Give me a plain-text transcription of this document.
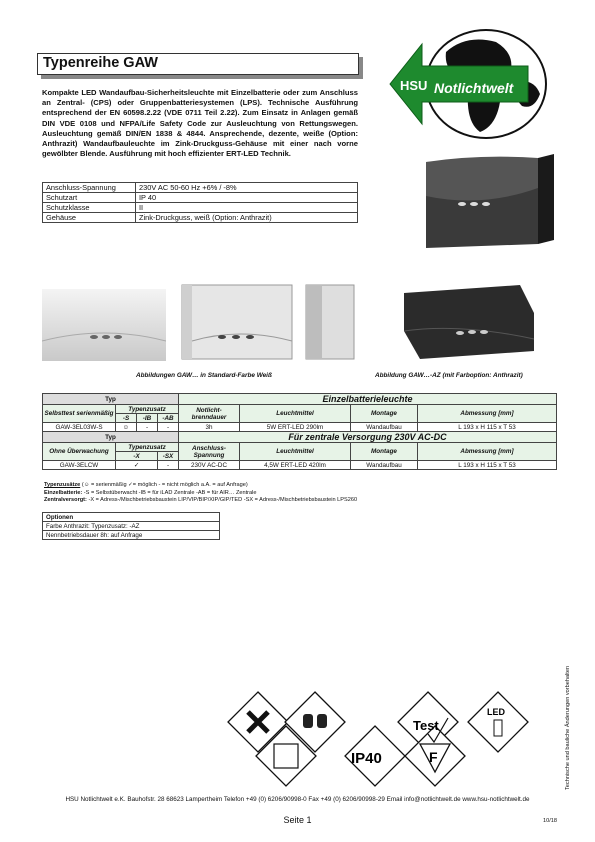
Typenreihe GAW
HSU Notlichtwelt
Kompakte LED Wandaufbau-Sicherheitsleuchte mit Einzelbatterie oder zum Anschluss an Zentral- (CPS) oder Gruppenbatteriesystemen (LPS). Technische Ausführung entsprechend der EN 60598.2.22 (VDE 0711 Teil 2.22). Zum Einsatz in Anlagen gemäß DIN VDE 0108 und NFPA/Life Safety Code zur Ausleuchtung von Rettungswegen. Ausleuchtung gemäß DIN/EN 1838 & 4844. Ansprechende, dezente, weiße (Option: Anthrazit) Wandaufbauleuchte im Zink-Druckguss-Gehäuse mit einer nach vorne gewölbter Blende. Ausführung mit hoch effizienter ERT-LED Technik.
Anschluss-Spannung	230V AC 50-60 Hz +6% / -8%
Schutzart	IP 40
Schutzklasse	II
Gehäuse	Zink-Druckguss, weiß (Option: Anthrazit)
Abbildungen GAW… in Standard-Farbe Weiß	Abbildung GAW…-AZ (mit Farboption: Anthrazit)
Typ				Einzelbatterieleuchte			
Selbsttest serienmäßig	Typenzusatz			Notlicht-brenndauer	Leuchtmittel	Montage	Abmessung [mm]
	-S	-IB	-AB				
GAW-3EL03W-S	☺	-	-	3h	5W ERT-LED 290lm	Wandaufbau	L 193 x H 115 x T 53
Typ				Für zentrale Versorgung 230V AC-DC			
Ohne Überwachung	Typenzusatz			Anschluss-Spannung	Leuchtmittel	Montage	Abmessung [mm]
	-X		-SX				
GAW-3ELCW	✓		-	230V AC-DC	4,5W ERT-LED 420lm	Wandaufbau	L 193 x H 115 x T 53
Typenzusätze (☺ = serienmäßig ✓= möglich - = nicht möglich a.A. = auf Anfrage)
Einzelbatterie: -S = Selbstüberwacht -IB = für iLAD Zentrale -AB = für AIR… Zentrale
Zentralversorgt: -X = Adress-/Mischbetriebsbaustein LIP/VIP/BIP/XIP/GIP/TED -SX = Adress-/Mischbetriebsbaustein LPS260
Optionen
Farbe Anthrazit: Typenzusatz: -AZ
Nennbetriebsdauer 8h: auf Anfrage
Test
LED
IP40	F	Technische und bauliche Änderungen vorbehalten
HSU Notlichtwelt e.K. Bauhofstr. 28 68623 Lampertheim Telefon +49 (0) 6206/90998-0 Fax +49 (0) 6206/90998-29 Email info@notlichtwelt.de www.hsu-notlichtwelt.de
Seite 1	10/18
